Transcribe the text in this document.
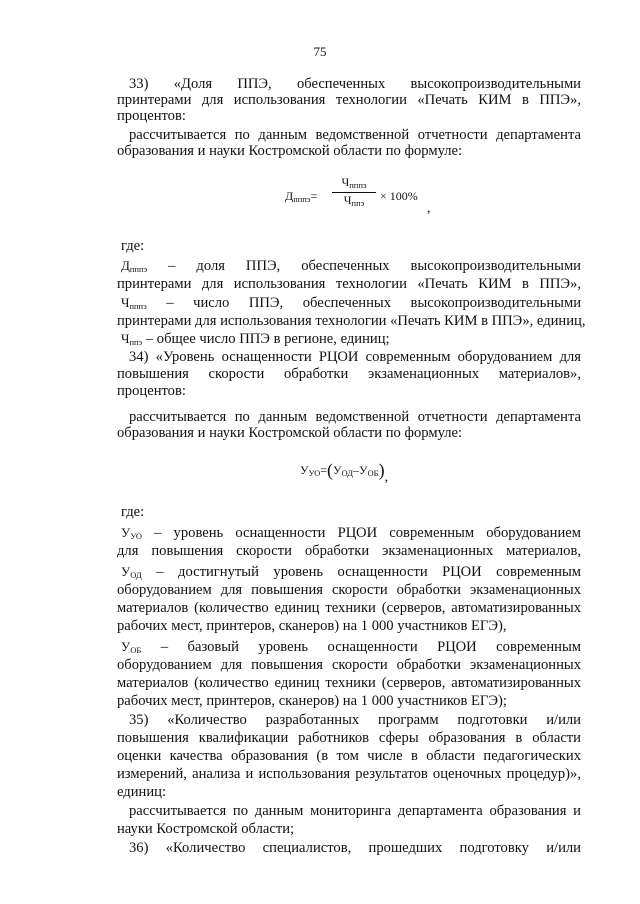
75
33) «Доля ППЭ, обеспеченных высокопроизводительными
принтерами для использования технологии «Печать КИМ в ППЭ»,
процентов:
рассчитывается по данным ведомственной отчетности департамента
образования и науки Костромской области по формуле:
Дпппэ=
Чпппэ
Чппэ	× 100%
,
где:
Дпппэ – доля ППЭ, обеспеченных высокопроизводительными
принтерами для использования технологии «Печать КИМ в ППЭ»,
Чпппэ – число ППЭ, обеспеченных высокопроизводительными
принтерами для использования технологии «Печать КИМ в ППЭ», единиц,
Чппэ – общее число ППЭ в регионе, единиц;
34) «Уровень оснащенности РЦОИ современным оборудованием для
повышения скорости обработки экзаменационных материалов»,
процентов:
рассчитывается по данным ведомственной отчетности департамента
образования и науки Костромской области по формуле:
УУО=(УОД–УОБ),
где:
УУО – уровень оснащенности РЦОИ современным оборудованием
для повышения скорости обработки экзаменационных материалов,
УОД – достигнутый уровень оснащенности РЦОИ современным
оборудованием для повышения скорости обработки экзаменационных
материалов (количество единиц техники (серверов, автоматизированных
рабочих мест, принтеров, сканеров) на 1 000 участников ЕГЭ),
УОБ – базовый уровень оснащенности РЦОИ современным
оборудованием для повышения скорости обработки экзаменационных
материалов (количество единиц техники (серверов, автоматизированных
рабочих мест, принтеров, сканеров) на 1 000 участников ЕГЭ);
35) «Количество разработанных программ подготовки и/или
повышения квалификации работников сферы образования в области
оценки качества образования (в том числе в области педагогических
измерений, анализа и использования результатов оценочных процедур)»,
единиц:
рассчитывается по данным мониторинга департамента образования и
науки Костромской области;
36) «Количество специалистов, прошедших подготовку и/или
